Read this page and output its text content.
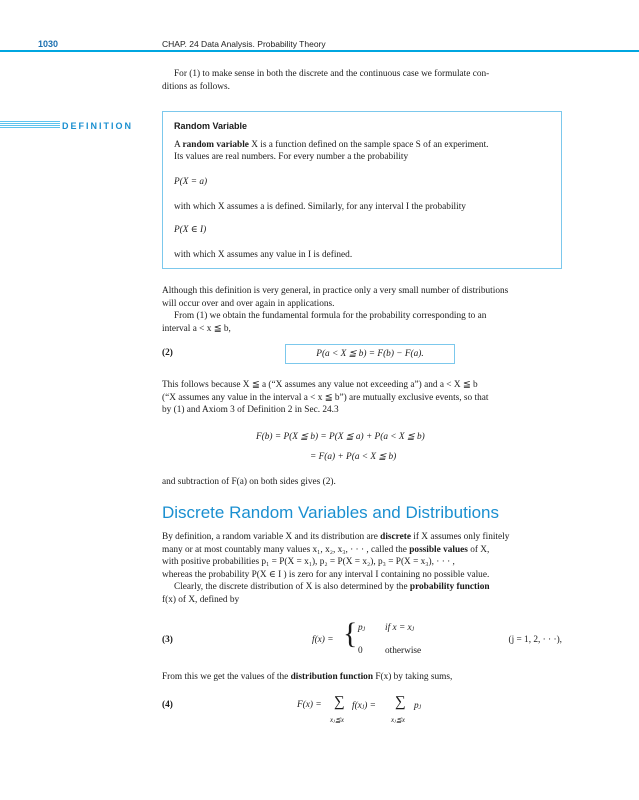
1030	CHAP. 24 Data Analysis. Probability Theory
For (1) to make sense in both the discrete and the continuous case we formulate con-
ditions as follows.
DEFINITION	Random Variable
A random variable X is a function defined on the sample space S of an experiment.
Its values are real numbers. For every number a the probability
P(X = a)
with which X assumes a is defined. Similarly, for any interval I the probability
P(X ∈ I)
with which X assumes any value in I is defined.
Although this definition is very general, in practice only a very small number of distributions
will occur over and over again in applications.
From (1) we obtain the fundamental formula for the probability corresponding to an
interval a < x ≦ b,
(2)	P(a < X ≦ b) = F(b) − F(a).
This follows because X ≦ a (“X assumes any value not exceeding a”) and a < X ≦ b
(“X assumes any value in the interval a < x ≦ b”) are mutually exclusive events, so that
by (1) and Axiom 3 of Definition 2 in Sec. 24.3
F(b) = P(X ≦ b) = P(X ≦ a) + P(a < X ≦ b)
= F(a) + P(a < X ≦ b)
and subtraction of F(a) on both sides gives (2).
Discrete Random Variables and Distributions
By definition, a random variable X and its distribution are discrete if X assumes only finitely
many or at most countably many values x₁, x₂, x₃, · · · , called the possible values of X,
with positive probabilities p₁ = P(X = x₁), p₂ = P(X = x₂), p₃ = P(X = x₃), · · · ,
whereas the probability P(X ∈ I ) is zero for any interval I containing no possible value.
Clearly, the discrete distribution of X is also determined by the probability function
f(x) of X, defined by
(3)	f(x) = { pⱼ if x = xⱼ
0 otherwise
(j = 1, 2, · · ·),
From this we get the values of the distribution function F(x) by taking sums,
(4)	F(x) = ∑ f(xⱼ) = ∑ pⱼ
xⱼ≦x	xⱼ≦x
